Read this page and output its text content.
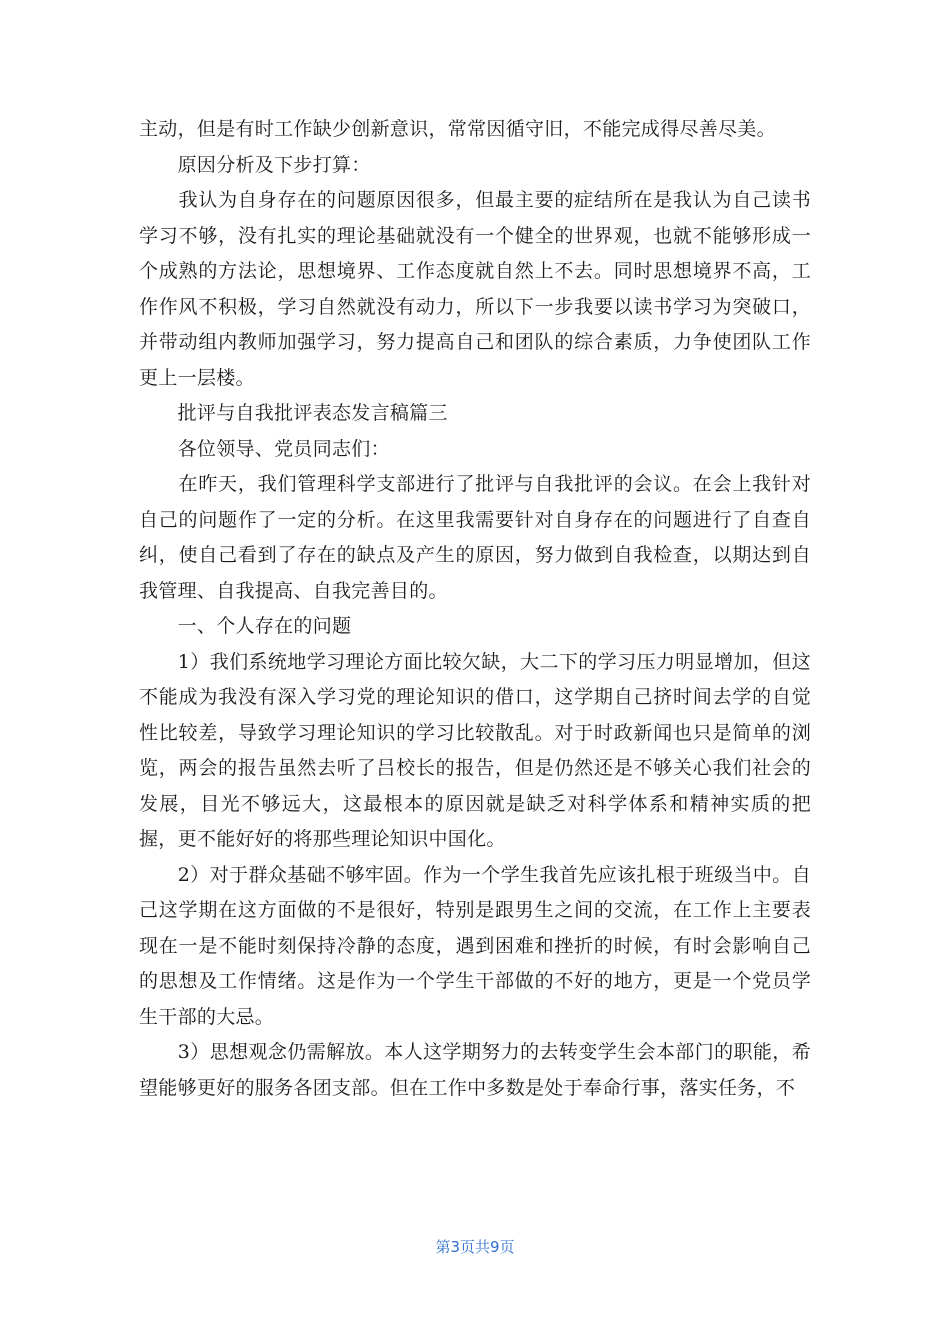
主动，但是有时工作缺少创新意识，常常因循守旧，不能完成得尽善尽美。

　　原因分析及下步打算：

　　我认为自身存在的问题原因很多，但最主要的症结所在是我认为自己读书学习不够，没有扎实的理论基础就没有一个健全的世界观，也就不能够形成一个成熟的方法论，思想境界、工作态度就自然上不去。同时思想境界不高，工作作风不积极，学习自然就没有动力，所以下一步我要以读书学习为突破口，并带动组内教师加强学习，努力提高自己和团队的综合素质，力争使团队工作更上一层楼。

　　批评与自我批评表态发言稿篇三

　　各位领导、党员同志们：

　　在昨天，我们管理科学支部进行了批评与自我批评的会议。在会上我针对自己的问题作了一定的分析。在这里我需要针对自身存在的问题进行了自查自纠，使自己看到了存在的缺点及产生的原因，努力做到自我检查，以期达到自我管理、自我提高、自我完善目的。

　　一、个人存在的问题

　　1）我们系统地学习理论方面比较欠缺，大二下的学习压力明显增加，但这不能成为我没有深入学习党的理论知识的借口，这学期自己挤时间去学的自觉性比较差，导致学习理论知识的学习比较散乱。对于时政新闻也只是简单的浏览，两会的报告虽然去听了吕校长的报告，但是仍然还是不够关心我们社会的发展，目光不够远大，这最根本的原因就是缺乏对科学体系和精神实质的把握，更不能好好的将那些理论知识中国化。

　　2）对于群众基础不够牢固。作为一个学生我首先应该扎根于班级当中。自己这学期在这方面做的不是很好，特别是跟男生之间的交流，在工作上主要表现在一是不能时刻保持冷静的态度，遇到困难和挫折的时候，有时会影响自己的思想及工作情绪。这是作为一个学生干部做的不好的地方，更是一个党员学生干部的大忌。

　　3）思想观念仍需解放。本人这学期努力的去转变学生会本部门的职能，希望能够更好的服务各团支部。但在工作中多数是处于奉命行事，落实任务，不

第3页共9页
